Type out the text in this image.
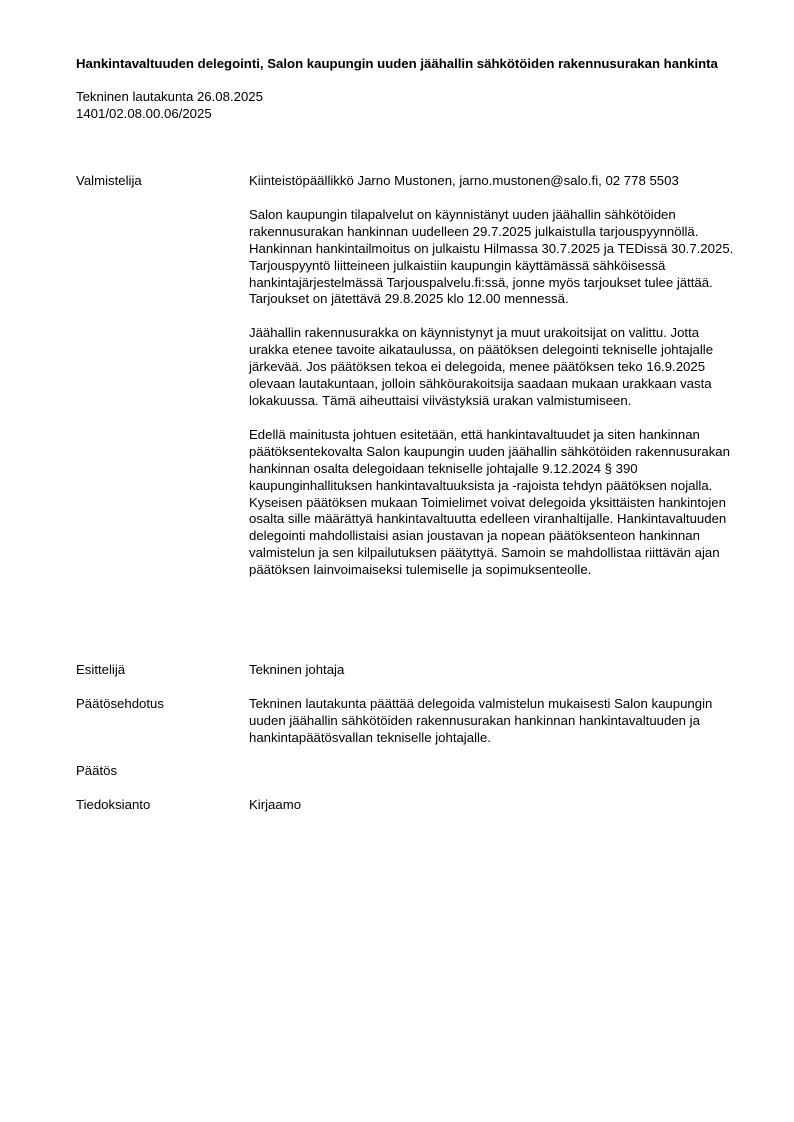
Hankintavaltuuden delegointi, Salon kaupungin uuden jäähallin sähkötöiden rakennusurakan hankinta
Tekninen lautakunta 26.08.2025
1401/02.08.00.06/2025
Valmistelija	Kiinteistöpäällikkö Jarno Mustonen, jarno.mustonen@salo.fi, 02 778 5503

Salon kaupungin tilapalvelut on käynnistänyt uuden jäähallin sähkötöiden rakennusurakan hankinnan uudelleen 29.7.2025 julkaistulla tarjouspyynnöllä. Hankinnan hankintailmoitus on julkaistu Hilmassa 30.7.2025 ja TEDissä 30.7.2025. Tarjouspyyntö liitteineen julkaistiin kaupungin käyttämässä sähköisessä hankintajärjestelmässä Tarjouspalvelu.fi:ssä, jonne myös tarjoukset tulee jättää. Tarjoukset on jätettävä 29.8.2025 klo 12.00 mennessä.

Jäähallin rakennusurakka on käynnistynyt ja muut urakoitsijat on valittu. Jotta urakka etenee tavoite aikataulussa, on päätöksen delegointi tekniselle johtajalle järkevää. Jos päätöksen tekoa ei delegoida, menee päätöksen teko 16.9.2025 olevaan lautakuntaan, jolloin sähköurakoitsija saadaan mukaan urakkaan vasta lokakuussa. Tämä aiheuttaisi viivästyksiä urakan valmistumiseen.

Edellä mainitusta johtuen esitetään, että hankintavaltuudet ja siten hankinnan päätöksentekovalta Salon kaupungin uuden jäähallin sähkötöiden rakennusurakan hankinnan osalta delegoidaan tekniselle johtajalle 9.12.2024 § 390 kaupunginhallituksen hankintavaltuuksista ja -rajoista tehdyn päätöksen nojalla. Kyseisen päätöksen mukaan Toimielimet voivat delegoida yksittäisten hankintojen osalta sille määrättyä hankintavaltuutta edelleen viranhaltijalle. Hankintavaltuuden delegointi mahdollistaisi asian joustavan ja nopean päätöksenteon hankinnan valmistelun ja sen kilpailutuksen päätyttyä. Samoin se mahdollistaa riittävän ajan päätöksen lainvoimaiseksi tulemiselle ja sopimuksenteolle.

Esittelijä	Tekninen johtaja
Päätösehdotus	Tekninen lautakunta päättää delegoida valmistelun mukaisesti Salon kaupungin uuden jäähallin sähkötöiden rakennusurakan hankinnan hankintavaltuuden ja hankintapäätösvallan tekniselle johtajalle.
Päätös
Tiedoksianto	Kirjaamo
